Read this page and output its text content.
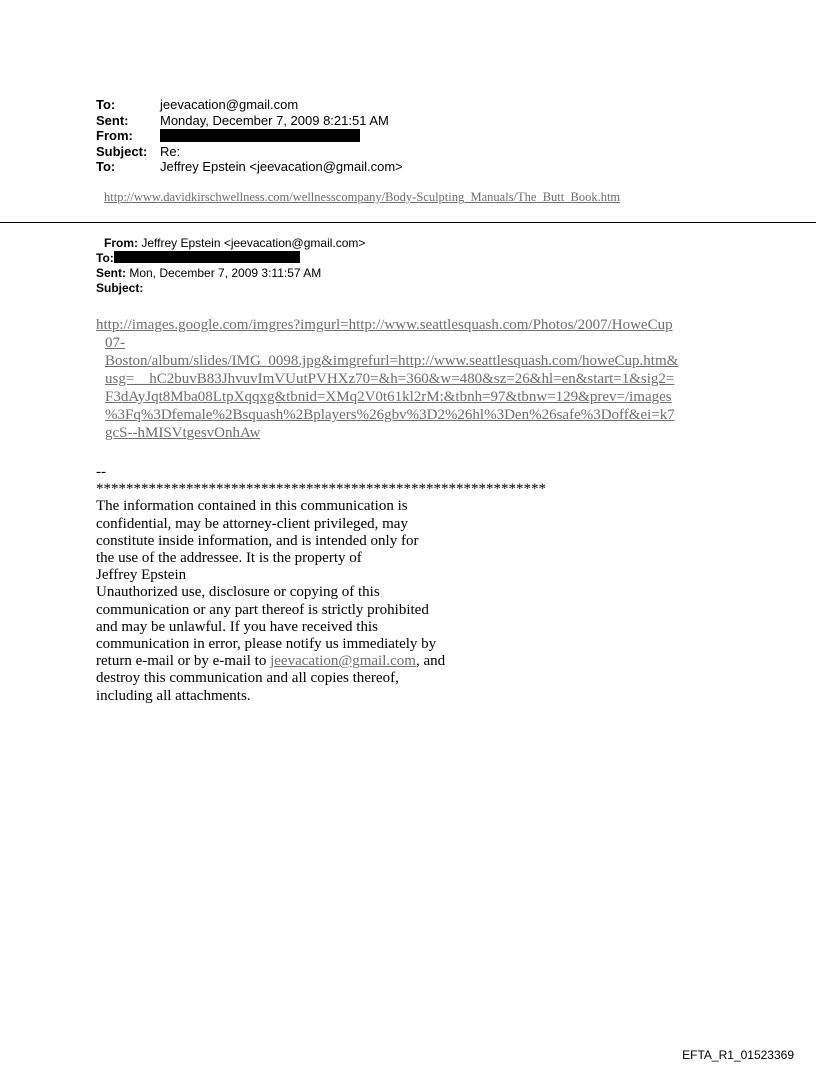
To:	jeevacation@gmail.com
Sent:	Monday, December 7, 2009 8:21:51 AM
From:
Subject: Re:
To:	Jeffrey Epstein <jeevacation@gmail.com>
http://www.davidkirschwellness.com/wellnesscompany/Body-Sculpting_Manuals/The_Butt_Book.htm
From: Jeffrey Epstein <jeevacation@gmail.com>
To:
Sent: Mon, December 7, 2009 3:11:57 AM
Subject:
http://images.google.com/imgres?imgurl=http://www.seattlesquash.com/Photos/2007/HoweCup
07-
Boston/album/slides/IMG_0098.jpg&imgrefurl=http://www.seattlesquash.com/howeCup.htm&
usg=__hC2buvB83JhvuvImVUutPVHXz70=&h=360&w=480&sz=26&hl=en&start=1&sig2=
F3dAyJqt8Mba08LtpXqqxg&tbnid=XMq2V0t61kl2rM:&tbnh=97&tbnw=129&prev=/images
%3Fq%3Dfemale%2Bsquash%2Bplayers%26gbv%3D2%26hl%3Den%26safe%3Doff&ei=k7
gcS--hMISVtgesvOnhAw
--
************************************************************
The information contained in this communication is
confidential, may be attorney-client privileged, may
constitute inside information, and is intended only for
the use of the addressee. It is the property of
Jeffrey Epstein
Unauthorized use, disclosure or copying of this
communication or any part thereof is strictly prohibited
and may be unlawful. If you have received this
communication in error, please notify us immediately by
return e-mail or by e-mail to jeevacation@gmail.com, and
destroy this communication and all copies thereof,
including all attachments.
EFTA_R1_01523369
